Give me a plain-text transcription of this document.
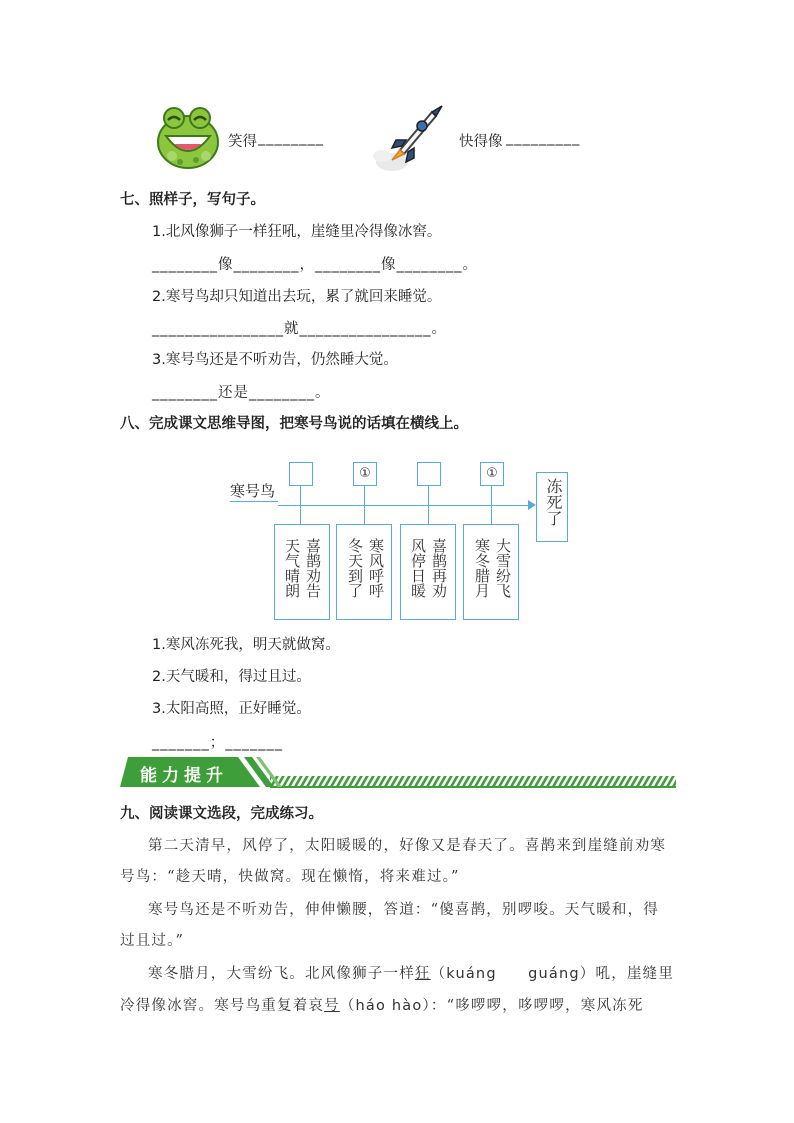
笑得 ________	快得像 _________
七、照样子，写句子。
1.北风像狮子一样狂吼，崖缝里冷得像冰窖。
________像________，________像________。
2.寒号鸟却只知道出去玩，累了就回来睡觉。
________________就________________。
3.寒号鸟还是不听劝告，仍然睡大觉。
________还是________。
八、完成课文思维导图，把寒号鸟说的话填在横线上。
寒号鸟
①	①
喜鹊劝告
天气晴朗	寒风呼呼
冬天到了	喜鹊再劝
风停日暖	大雪纷飞
寒冬腊月
冻死了
1.寒风冻死我，明天就做窝。
2.天气暖和，得过且过。
3.太阳高照，正好睡觉。
_______；_______
能力提升
九、阅读课文选段，完成练习。
第二天清早，风停了，太阳暖暖的，好像又是春天了。喜鹊来到崖缝前劝寒
号鸟：“趁天晴，快做窝。现在懒惰，将来难过。”
寒号鸟还是不听劝告，伸伸懒腰，答道：“傻喜鹊，别啰唆。天气暖和，得
过且过。”
寒冬腊月，大雪纷飞。北风像狮子一样狂（kuáng　　guáng）吼，崖缝里
冷得像冰窖。寒号鸟重复着哀号（háo hào）：“哆啰啰，哆啰啰，寒风冻死
